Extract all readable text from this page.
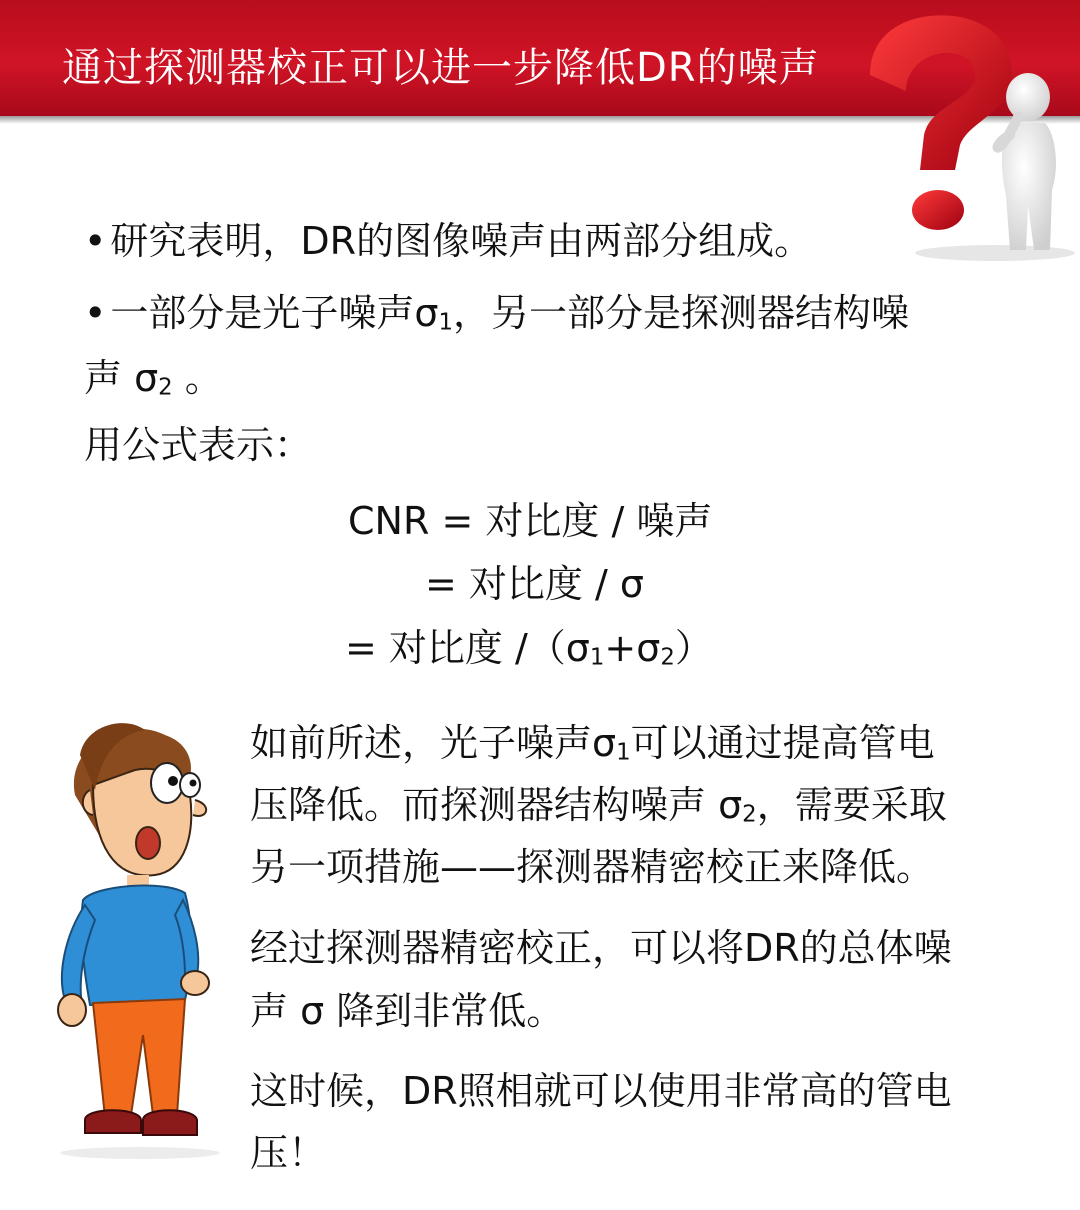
通过探测器校正可以进一步降低DR的噪声
• 研究表明，DR的图像噪声由两部分组成。
• 一部分是光子噪声$\sigma_1$，另一部分是探测器结构噪
声 $\sigma_2$ 。
用公式表示：
CNR = 对比度 / 噪声
= 对比度 / σ
= 对比度 $/(\sigma_1+\sigma_2)$
如前所述，光子噪声$\sigma_1$可以通过提高管电
压降低。而探测器结构噪声 $\sigma_2$，需要采取
另一项措施——探测器精密校正来降低。
经过探测器精密校正，可以将DR的总体噪
声 σ 降到非常低。
这时候，DR照相就可以使用非常高的管电
压！
